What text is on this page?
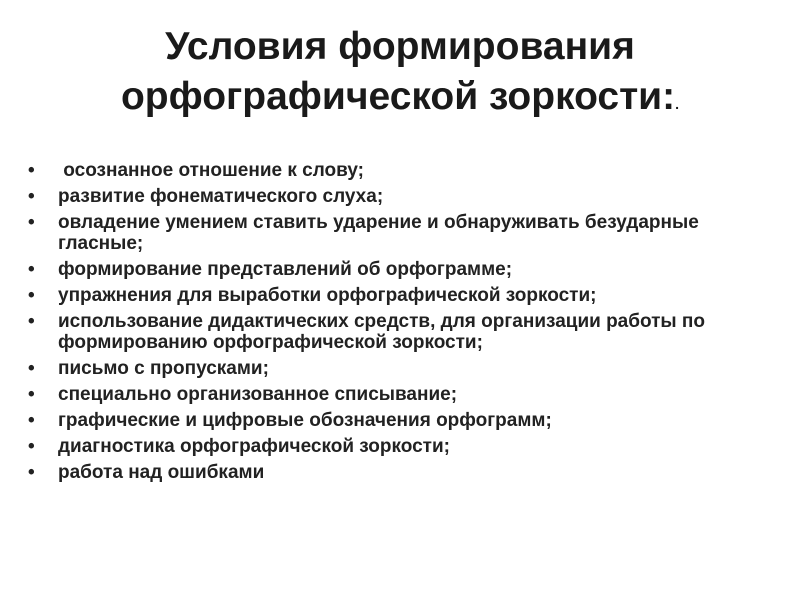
Условия формирования
орфографической зоркости:.
•	осознанное отношение к слову;
•	развитие фонематического слуха;
•	овладение умением ставить ударение и обнаруживать безударные гласные;
•	формирование представлений об орфограмме;
•	упражнения для выработки орфографической зоркости;
•	использование дидактических средств, для организации работы по формированию орфографической зоркости;
•	письмо с пропусками;
•	специально организованное списывание;
•	графические и цифровые обозначения орфограмм;
•	диагностика орфографической зоркости;
•	работа над ошибками
